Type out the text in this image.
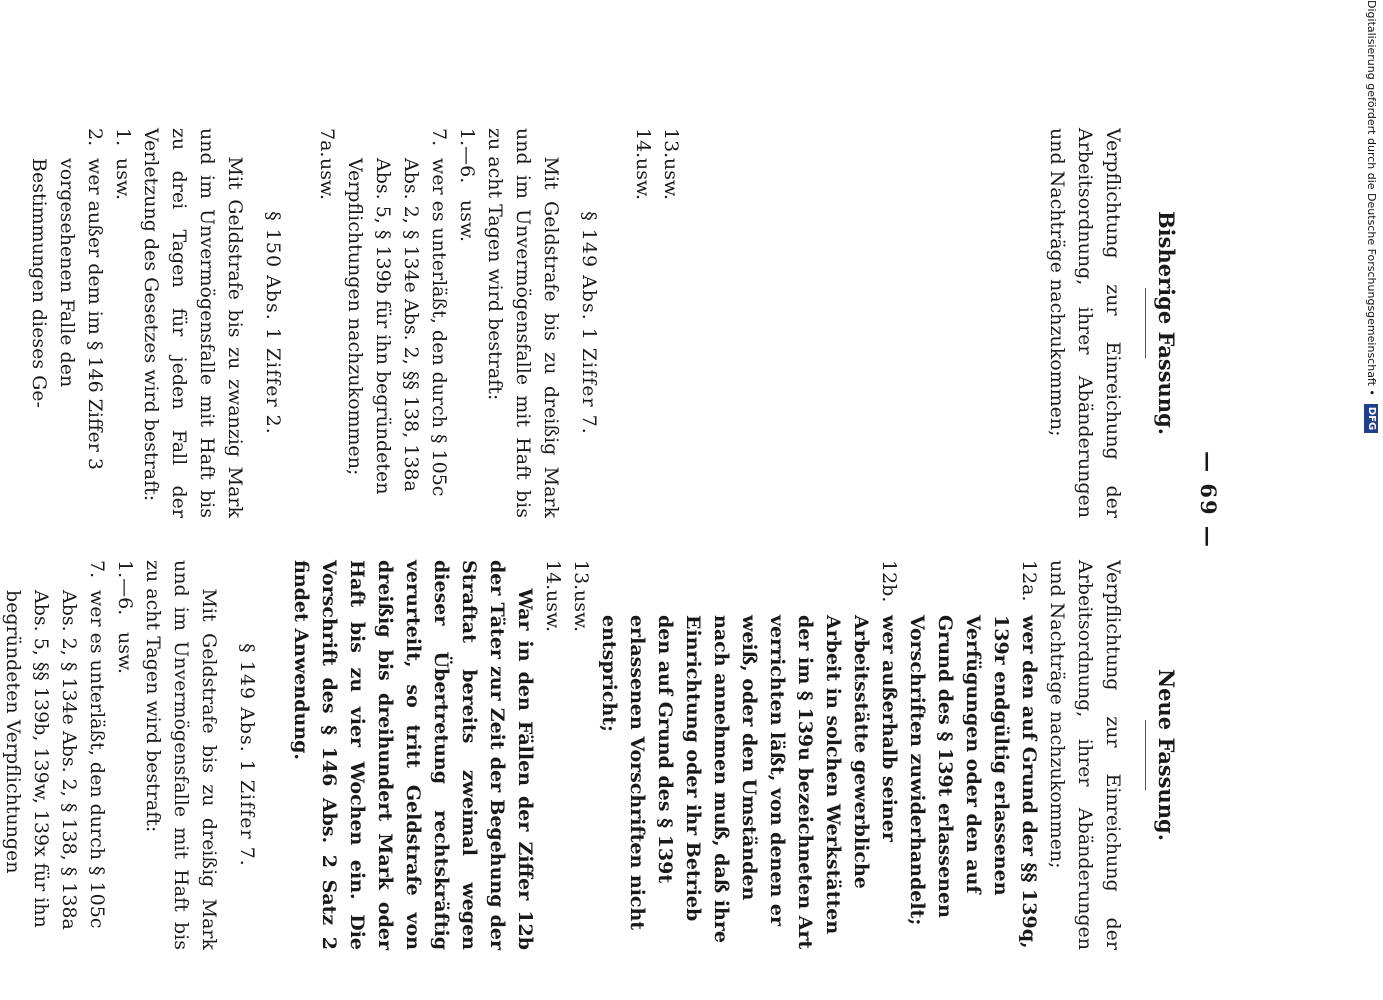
— 69 —
Bisherige Fassung.

Verpflichtung zur Einreichung der Arbeitsordnung, ihrer Abänderungen und Nachträge nachzukommen;

13.
usw.

14.
usw.

§ 149 Abs. 1 Ziffer 7.

Mit Geldstrafe bis zu dreißig Mark und im Unvermögensfalle mit Haft bis zu acht Tagen wird bestraft:

1.—6.
usw.

7.
wer es unterläßt, den durch § 105c Abs. 2, § 134e Abs. 2, §§ 138, 138a Abs. 5, § 139b für ihn begründeten Verpflichtungen nachzukommen;

7a.
usw.

§ 150 Abs. 1 Ziffer 2.

Mit Geldstrafe bis zu zwanzig Mark und im Unvermögensfalle mit Haft bis zu drei Tagen für jeden Fall der Verletzung des Gesetzes wird bestraft:

1.
usw.

2.
wer außer dem im § 146 Ziffer 3 vorgesehenen Falle den Bestimmungen dieses Ge-

Neue Fassung.

Verpflichtung zur Einreichung der Arbeitsordnung, ihrer Abänderungen und Nachträge nachzukommen;

12a.
wer den auf Grund der §§ 139q, 139r endgültig erlassenen Verfügungen oder den auf Grund des § 139t erlassenen Vorschriften zuwiderhandelt;

12b.
wer außerhalb seiner Arbeitsstätte gewerbliche Arbeit in solchen Werkstätten der im § 139u bezeichneten Art verrichten läßt, von denen er weiß, oder den Umständen nach annehmen muß, daß ihre Einrichtung oder ihr Betrieb den auf Grund des § 139t erlassenen Vorschriften nicht entspricht;

13.
usw.

14.
usw.

War in den Fällen der Ziffer 12b der Täter zur Zeit der Begehung der Straftat bereits zweimal wegen dieser Übertretung rechtskräftig verurteilt, so tritt Geldstrafe von dreißig bis dreihundert Mark oder Haft bis zu vier Wochen ein. Die Vorschrift des § 146 Abs. 2 Satz 2 findet Anwendung.

§ 149 Abs. 1 Ziffer 7.

Mit Geldstrafe bis zu dreißig Mark und im Unvermögensfalle mit Haft bis zu acht Tagen wird bestraft:

1.—6.
usw.

7.
wer es unterläßt, den durch § 105c Abs. 2, § 134e Abs. 2, § 138, § 138a Abs. 5, §§ 139b, 139w, 139x für ihn begründeten Verpflichtungen

Digitalisierung gefördert durch die Deutsche Forschungsgemeinschaft •
DFG
